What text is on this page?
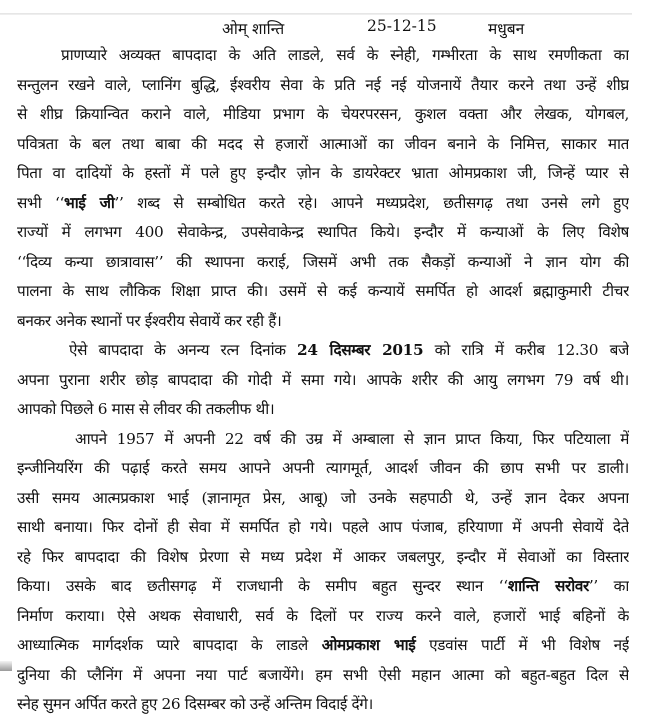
ओम् शान्ति	25-12-15	मधुबन
प्राणप्यारे अव्यक्त बापदादा के अति लाडले, सर्व के स्नेही, गम्भीरता के साथ रमणीकता का
सन्तुलन रखने वाले, प्लानिंग बुद्धि, ईश्वरीय सेवा के प्रति नई नई योजनायें तैयार करने तथा उन्हें शीघ्र
से शीघ्र क्रियान्वित कराने वाले, मीडिया प्रभाग के चेयरपरसन, कुशल वक्ता और लेखक, योगबल,
पवित्रता के बल तथा बाबा की मदद से हजारों आत्माओं का जीवन बनाने के निमित्त, साकार मात
पिता वा दादियों के हस्तों में पले हुए इन्दौर ज़ोन के डायरेक्टर भ्राता ओमप्रकाश जी, जिन्हें प्यार से
सभी ‘‘भाई जी’’ शब्द से सम्बोधित करते रहे। आपने मध्यप्रदेश, छतीसगढ़ तथा उनसे लगे हुए
राज्यों में लगभग 400 सेवाकेन्द्र, उपसेवाकेन्द्र स्थापित किये। इन्दौर में कन्याओं के लिए विशेष
‘‘दिव्य कन्या छात्रावास’’ की स्थापना कराई, जिसमें अभी तक सैकड़ों कन्याओं ने ज्ञान योग की
पालना के साथ लौकिक शिक्षा प्राप्त की। उसमें से कई कन्यायें समर्पित हो आदर्श ब्रह्माकुमारी टीचर
बनकर अनेक स्थानों पर ईश्वरीय सेवायें कर रही हैं।
ऐसे बापदादा के अनन्य रत्न दिनांक 24 दिसम्बर 2015 को रात्रि में करीब 12.30 बजे
अपना पुराना शरीर छोड़ बापदादा की गोदी में समा गये। आपके शरीर की आयु लगभग 79 वर्ष थी।
आपको पिछले 6 मास से लीवर की तकलीफ थी।
आपने 1957 में अपनी 22 वर्ष की उम्र में अम्बाला से ज्ञान प्राप्त किया, फिर पटियाला में
इन्जीनियरिंग की पढ़ाई करते समय आपने अपनी त्यागमूर्त, आदर्श जीवन की छाप सभी पर डाली।
उसी समय आत्मप्रकाश भाई (ज्ञानामृत प्रेस, आबू) जो उनके सहपाठी थे, उन्हें ज्ञान देकर अपना
साथी बनाया। फिर दोनों ही सेवा में समर्पित हो गये। पहले आप पंजाब, हरियाणा में अपनी सेवायें देते
रहे फिर बापदादा की विशेष प्रेरणा से मध्य प्रदेश में आकर जबलपुर, इन्दौर में सेवाओं का विस्तार
किया। उसके बाद छतीसगढ़ में राजधानी के समीप बहुत सुन्दर स्थान ‘‘शान्ति सरोवर’’ का
निर्माण कराया। ऐसे अथक सेवाधारी, सर्व के दिलों पर राज्य करने वाले, हजारों भाई बहिनों के
आध्यात्मिक मार्गदर्शक प्यारे बापदादा के लाडले ओमप्रकाश भाई एडवांस पार्टी में भी विशेष नई
दुनिया की प्लैनिंग में अपना नया पार्ट बजायेंगे। हम सभी ऐसी महान आत्मा को बहुत-बहुत दिल से
स्नेह सुमन अर्पित करते हुए 26 दिसम्बर को उन्हें अन्तिम विदाई देंगे।
